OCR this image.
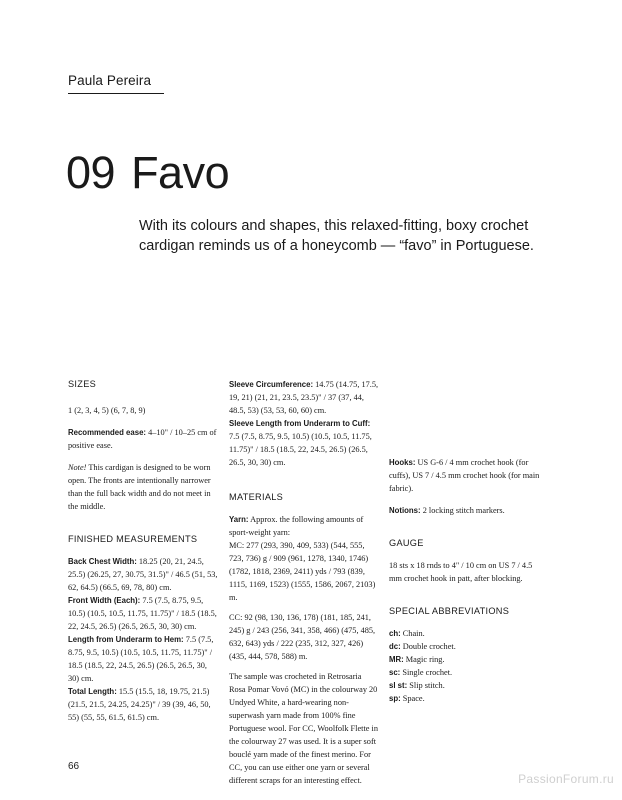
Paula Pereira
09 Favo
With its colours and shapes, this relaxed-fitting, boxy crochet cardigan reminds us of a honeycomb — “favo” in Portuguese.

SIZES

1 (2, 3, 4, 5) (6, 7, 8, 9)

Recommended ease: 4–10" / 10–25 cm of positive ease.

Note! This cardigan is designed to be worn open. The fronts are intentionally narrower than the full back width and do not meet in the middle.

FINISHED MEASUREMENTS

Back Chest Width: 18.25 (20, 21, 24.5, 25.5) (26.25, 27, 30.75, 31.5)" / 46.5 (51, 53, 62, 64.5) (66.5, 69, 78, 80) cm.

Front Width (Each): 7.5 (7.5, 8.75, 9.5, 10.5) (10.5, 10.5, 11.75, 11.75)" / 18.5 (18.5, 22, 24.5, 26.5) (26.5, 26.5, 30, 30) cm.

Length from Underarm to Hem: 7.5 (7.5, 8.75, 9.5, 10.5) (10.5, 10.5, 11.75, 11.75)" / 18.5 (18.5, 22, 24.5, 26.5) (26.5, 26.5, 30, 30) cm.

Total Length: 15.5 (15.5, 18, 19.75, 21.5) (21.5, 21.5, 24.25, 24.25)" / 39 (39, 46, 50, 55) (55, 55, 61.5, 61.5) cm.

Sleeve Circumference: 14.75 (14.75, 17.5, 19, 21) (21, 21, 23.5, 23.5)" / 37 (37, 44, 48.5, 53) (53, 53, 60, 60) cm.

Sleeve Length from Underarm to Cuff: 7.5 (7.5, 8.75, 9.5, 10.5) (10.5, 10.5, 11.75, 11.75)" / 18.5 (18.5, 22, 24.5, 26.5) (26.5, 26.5, 30, 30) cm.

MATERIALS

Yarn: Approx. the following amounts of sport-weight yarn:

MC: 277 (293, 390, 409, 533) (544, 555, 723, 736) g / 909 (961, 1278, 1340, 1746) (1782, 1818, 2369, 2411) yds / 793 (839, 1115, 1169, 1523) (1555, 1586, 2067, 2103) m.

CC: 92 (98, 130, 136, 178) (181, 185, 241, 245) g / 243 (256, 341, 358, 466) (475, 485, 632, 643) yds / 222 (235, 312, 327, 426) (435, 444, 578, 588) m.

The sample was crocheted in Retrosaria Rosa Pomar Vovó (MC) in the colourway 20 Undyed White, a hard-wearing non-superwash yarn made from 100% fine Portuguese wool. For CC, Woolfolk Flette in the colourway 27 was used. It is a super soft bouclé yarn made of the finest merino. For CC, you can use either one yarn or several different scraps for an interesting effect.

Hooks: US G-6 / 4 mm crochet hook (for cuffs), US 7 / 4.5 mm crochet hook (for main fabric).

Notions: 2 locking stitch markers.

GAUGE

18 sts x 18 rnds to 4" / 10 cm on US 7 / 4.5 mm crochet hook in patt, after blocking.

SPECIAL ABBREVIATIONS

ch: Chain.

dc: Double crochet.

MR: Magic ring.

sc: Single crochet.

sl st: Slip stitch.

sp: Space.

66
PassionForum.ru
